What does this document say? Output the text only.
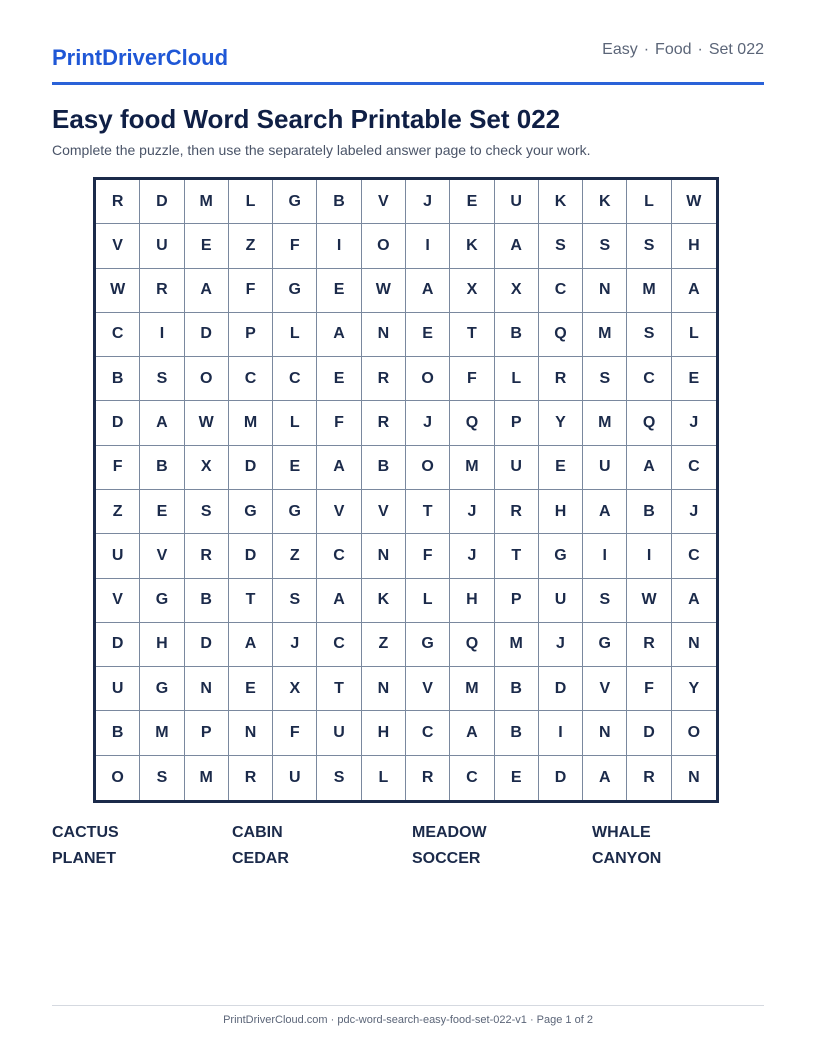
PrintDriverCloud	Easy · Food · Set 022
Easy food Word Search Printable Set 022

Complete the puzzle, then use the separately labeled answer page to check your work.

R	D	M	L	G	B	V	J	E	U	K	K	L	W
V	U	E	Z	F	I	O	I	K	A	S	S	S	H
W	R	A	F	G	E	W	A	X	X	C	N	M	A
C	I	D	P	L	A	N	E	T	B	Q	M	S	L
B	S	O	C	C	E	R	O	F	L	R	S	C	E
D	A	W	M	L	F	R	J	Q	P	Y	M	Q	J
F	B	X	D	E	A	B	O	M	U	E	U	A	C
Z	E	S	G	G	V	V	T	J	R	H	A	B	J
U	V	R	D	Z	C	N	F	J	T	G	I	I	C
V	G	B	T	S	A	K	L	H	P	U	S	W	A
D	H	D	A	J	C	Z	G	Q	M	J	G	R	N
U	G	N	E	X	T	N	V	M	B	D	V	F	Y
B	M	P	N	F	U	H	C	A	B	I	N	D	O
O	S	M	R	U	S	L	R	C	E	D	A	R	N
CACTUS	CABIN	MEADOW	WHALE
PLANET	CEDAR	SOCCER	CANYON
PrintDriverCloud.com · pdc-word-search-easy-food-set-022-v1 · Page 1 of 2
